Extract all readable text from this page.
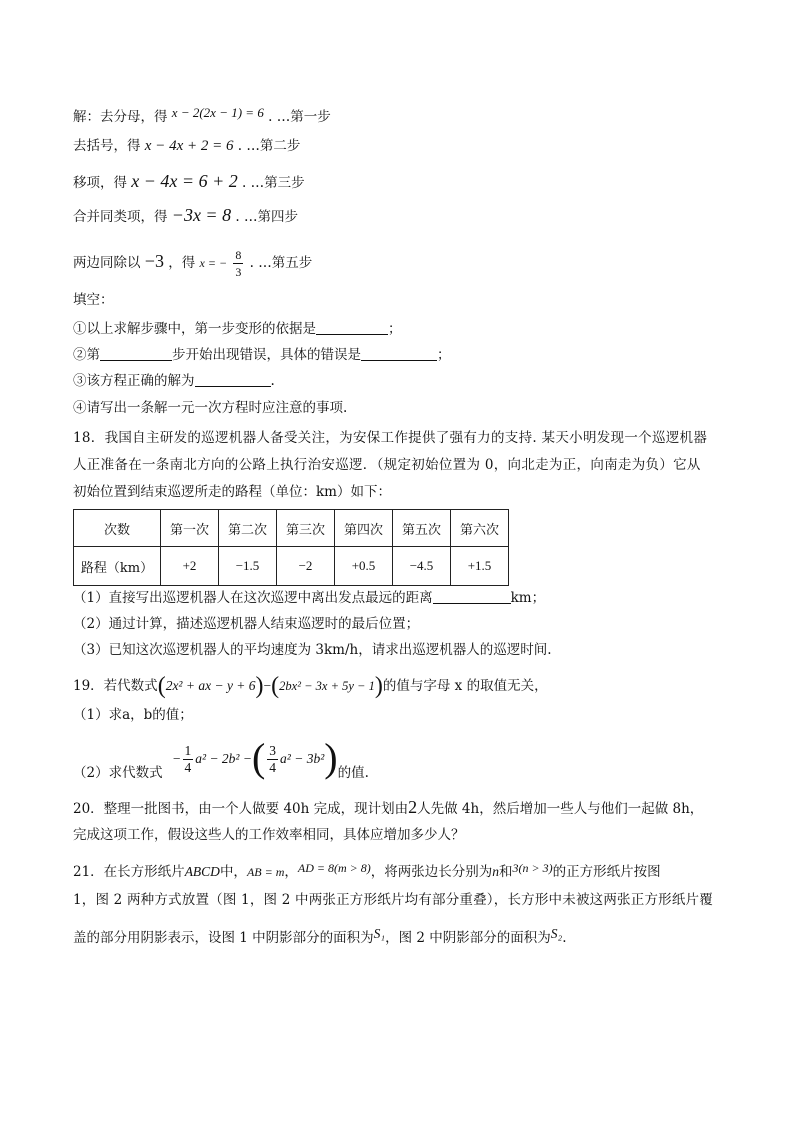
解：去分母，得 x − 2(2x − 1) = 6 . …第一步
去括号，得 x − 4x + 2 = 6 . …第二步
移项，得 x − 4x = 6 + 2 . …第三步
合并同类项，得 −3x = 8 . …第四步
两边同除以 −3 ，得 x = − $\frac{8}{3}$ . …第五步
填空：
①以上求解步骤中，第一步变形的依据是	；
②第	步开始出现错误，具体的错误是	；
③该方程正确的解为	.
④请写出一条解一元一次方程时应注意的事项.
18．我国自主研发的巡逻机器人备受关注，为安保工作提供了强有力的支持. 某天小明发现一个巡逻机器
人正准备在一条南北方向的公路上执行治安巡逻．（规定初始位置为 0，向北走为正，向南走为负）它从
初始位置到结束巡逻所走的路程（单位：km）如下：
次数	第一次	第二次	第三次	第四次	第五次	第六次
路程（km）	+2	−1.5	−2	+0.5	−4.5	+1.5
（1）直接写出巡逻机器人在这次巡逻中离出发点最远的距离	km；
（2）通过计算，描述巡逻机器人结束巡逻时的最后位置；
（3）已知这次巡逻机器人的平均速度为 3km/h，请求出巡逻机器人的巡逻时间.
19．若代数式(2x² + ax − y + 6)−(2bx² − 3x + 5y − 1)的值与字母 x 的取值无关，
（1）求a，b的值；
（2）求代数式 − $\frac{1}{4} a^2 - 2b^2$ −( $\frac{3}{4} a^2 - 3b^2$)的值.
20．整理一批图书，由一个人做要 40h 完成，现计划由2人先做 4h，然后增加一些人与他们一起做 8h，
完成这项工作，假设这些人的工作效率相同，具体应增加多少人？
21．在长方形纸片ABCD中，AB = m，AD = 8(m > 8)，将两张边长分别为n和3(n > 3)的正方形纸片按图
1，图 2 两种方式放置（图 1，图 2 中两张正方形纸片均有部分重叠），长方形中未被这两张正方形纸片覆
盖的部分用阴影表示，设图 1 中阴影部分的面积为S₁，图 2 中阴影部分的面积为S₂.
